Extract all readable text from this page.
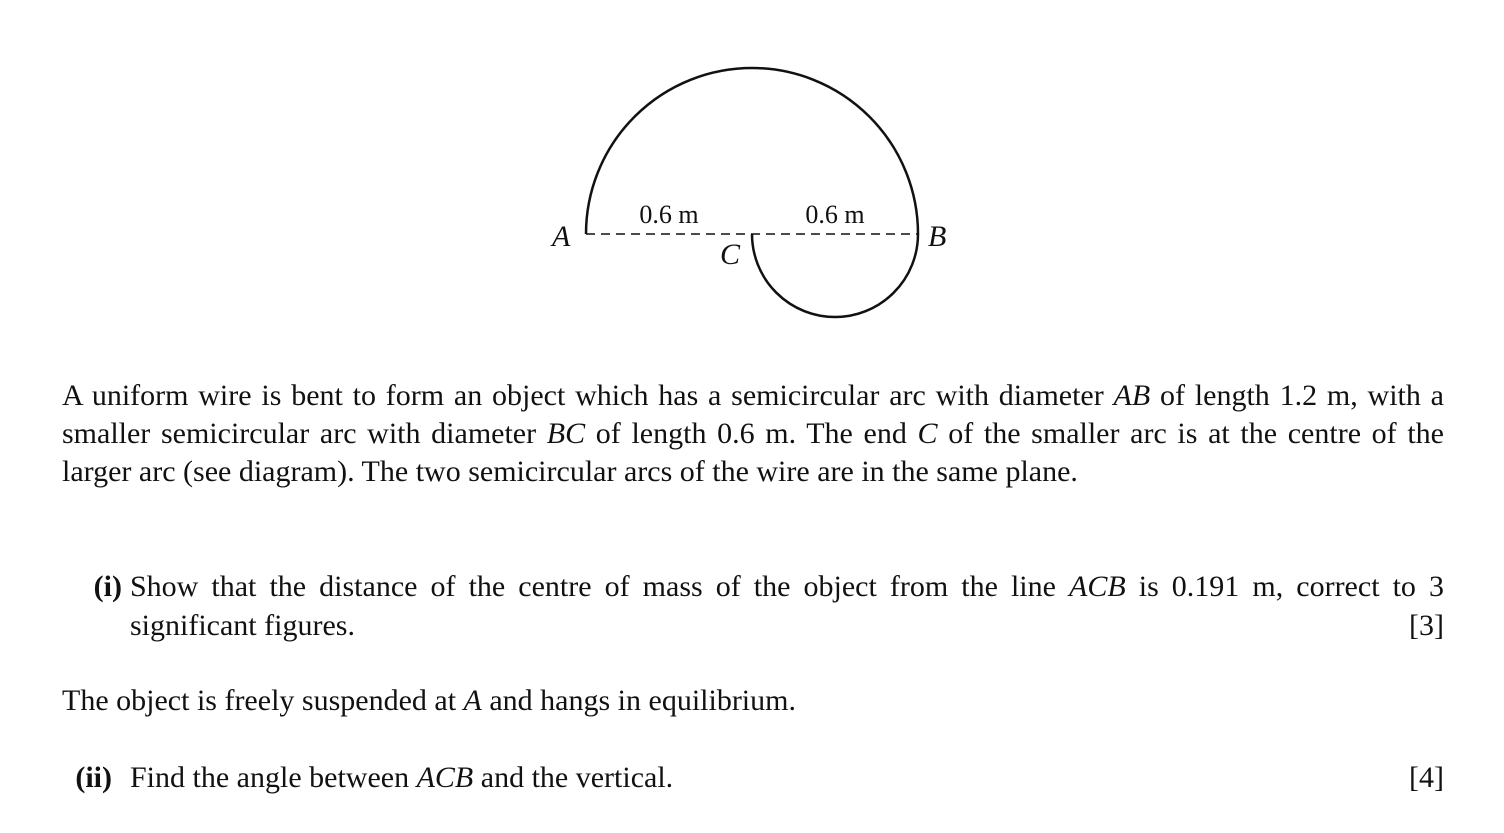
A	B
C
0.6 m	0.6 m

A uniform wire is bent to form an object which has a semicircular arc with diameter AB of length 1.2 m, with a smaller semicircular arc with diameter BC of length 0.6 m. The end C of the smaller arc is at the centre of the larger arc (see diagram). The two semicircular arcs of the wire are in the same plane.

(i) Show that the distance of the centre of mass of the object from the line ACB is 0.191 m, correct to 3 significant figures.	[3]

The object is freely suspended at A and hangs in equilibrium.

(ii) Find the angle between ACB and the vertical.	[4]
